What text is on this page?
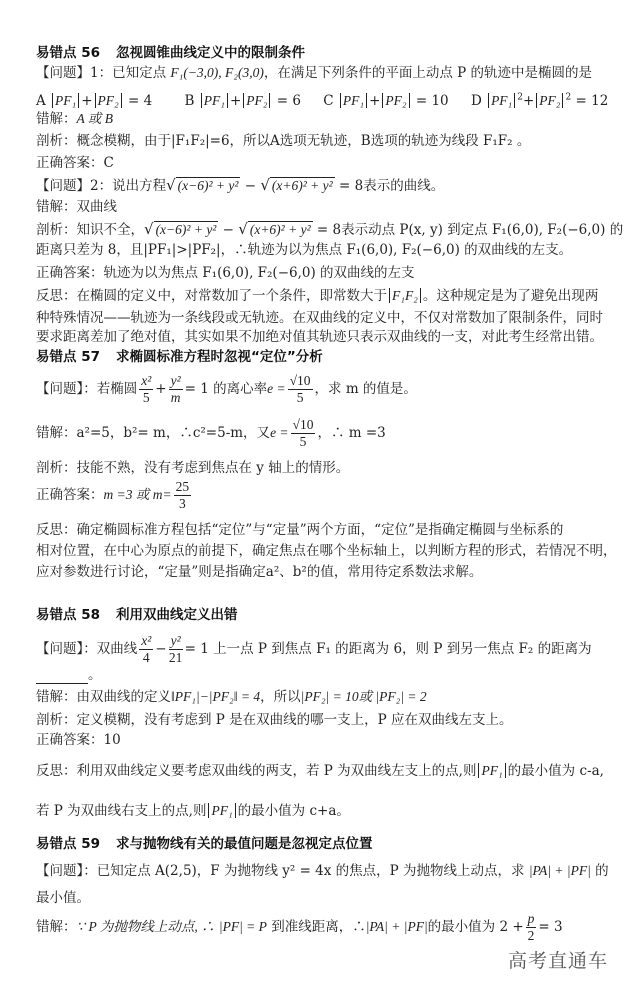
易错点 56 忽视圆锥曲线定义中的限制条件
【问题】1：已知定点 F₁(−3,0), F₂(3,0)，在满足下列条件的平面上动点 P 的轨迹中是椭圆的是
A PF₁ + PF₂ = 4 B PF₁ + PF₂ = 6 C PF₁ + PF₂ = 10 D PF₁ $^2$+ PF₂ $^2$ = 12
错解：A 或 B
剖析：概念模糊，由于|F₁F₂|=6，所以A选项无轨迹，B选项的轨迹为线段 F₁F₂ 。
正确答案：C
【问题】2：说出方程√ (x−6)² + y² − √ (x+6)² + y² = 8表示的曲线。
错解：双曲线
剖析：知识不全，√ (x−6)² + y² − √ (x+6)² + y² = 8表示动点 P(x, y) 到定点 F₁(6,0), F₂(−6,0) 的
距离只差为 8，且|PF₁|>|PF₂|，∴轨迹为以为焦点 F₁(6,0), F₂(−6,0) 的双曲线的左支。
正确答案：轨迹为以为焦点 F₁(6,0), F₂(−6,0) 的双曲线的左支
反思：在椭圆的定义中，对常数加了一个条件，即常数大于 F₁F₂ 。这种规定是为了避免出现两
种特殊情况——轨迹为一条线段或无轨迹。在双曲线的定义中，不仅对常数加了限制条件，同时
要求距离差加了绝对值，其实如果不加绝对值其轨迹只表示双曲线的一支，对此考生经常出错。
易错点 57 求椭圆标准方程时忽视“定位”分析
【问题】：若椭圆 $\frac{\text{x²}}{5} + \frac{\text{y²}}{m} = 1$ 的离心率$e = \frac{√10}{5}$ ，求 m 的值是。
错解：a²=5，b²= m，∴c²=5-m，又$e = \frac{√10}{5}$ ，∴ m =3
剖析：技能不熟，没有考虑到焦点在 y 轴上的情形。
正确答案：m =3 或 $m= \frac{25}{3}$
反思：确定椭圆标准方程包括“定位”与“定量”两个方面，“定位”是指确定椭圆与坐标系的
相对位置，在中心为原点的前提下，确定焦点在哪个坐标轴上，以判断方程的形式，若情况不明，
应对参数进行讨论，“定量”则是指确定a²、b²的值，常用待定系数法求解。
易错点 58 利用双曲线定义出错
【问题】：双曲线 $\frac{\text{x²}}{4} - \frac{\text{y²}}{21} = 1$ 上一点 P 到焦点 F₁ 的距离为 6，则 P 到另一焦点 F₂ 的距离为
。
错解：由双曲线的定义‖PF₁|−|PF₂‖ = 4，所以|PF₂| = 10或 |PF₂| = 2
剖析：定义模糊，没有考虑到 P 是在双曲线的哪一支上，P 应在双曲线左支上。
正确答案：10
反思：利用双曲线定义要考虑双曲线的两支，若 P 为双曲线左支上的点,则 PF₁ 的最小值为 c-a,
若 P 为双曲线右支上的点,则 PF₁ 的最小值为 c+a。
易错点 59 求与抛物线有关的最值问题是忽视定点位置
【问题】：已知定点 A(2,5)，F 为抛物线 y² = 4x 的焦点，P 为抛物线上动点，求 |PA| + |PF| 的
最小值。
错解：∵ P 为抛物线上动点, ∴ |PF| = P 到准线距离，∴|PA| + |PF|的最小值为 $2 + \frac{p}{2} = 3$
高考直通车
